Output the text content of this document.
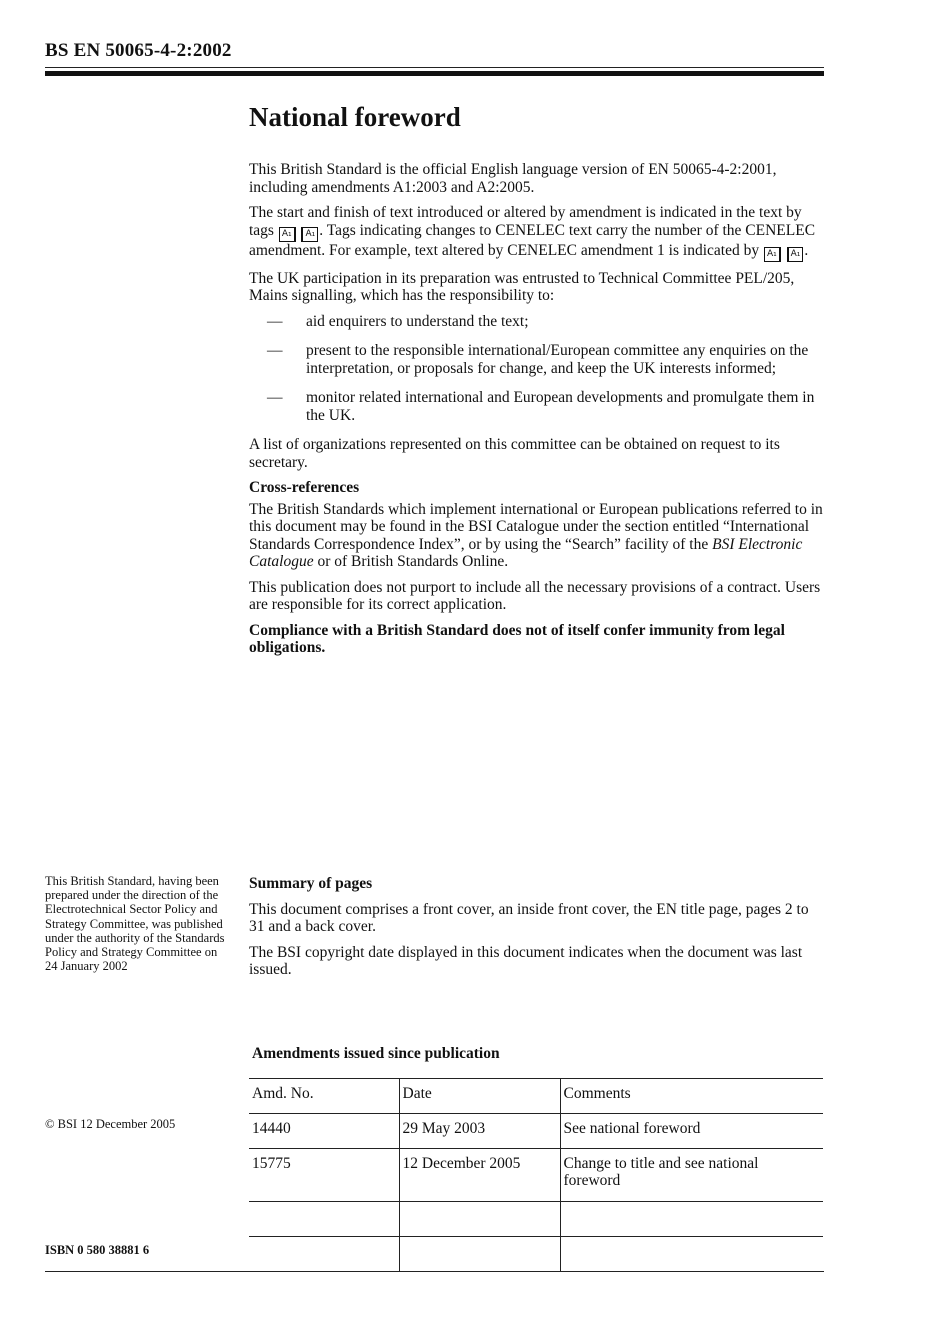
BS EN 50065-4-2:2002
National foreword

This British Standard is the official English language version of EN 50065-4-2:2001, including amendments A1:2003 and A2:2005.

The start and finish of text introduced or altered by amendment is indicated in the text by tags A₁ A₁ . Tags indicating changes to CENELEC text carry the number of the CENELEC amendment. For example, text altered by CENELEC amendment 1 is indicated by A₁ A₁ .

The UK participation in its preparation was entrusted to Technical Committee PEL/205, Mains signalling, which has the responsibility to:

— aid enquirers to understand the text;
— present to the responsible international/European committee any enquiries on the interpretation, or proposals for change, and keep the UK interests informed;
— monitor related international and European developments and promulgate them in the UK.

A list of organizations represented on this committee can be obtained on request to its secretary.

Cross-references

The British Standards which implement international or European publications referred to in this document may be found in the BSI Catalogue under the section entitled “International Standards Correspondence Index”, or by using the “Search” facility of the BSI Electronic Catalogue or of British Standards Online.

This publication does not purport to include all the necessary provisions of a contract. Users are responsible for its correct application.

Compliance with a British Standard does not of itself confer immunity from legal obligations.

This British Standard, having been prepared under the direction of the Electrotechnical Sector Policy and Strategy Committee, was published under the authority of the Standards Policy and Strategy Committee on 24 January 2002
Summary of pages

This document comprises a front cover, an inside front cover, the EN title page, pages 2 to 31 and a back cover.

The BSI copyright date displayed in this document indicates when the document was last issued.

Amendments issued since publication
Amd. No.	Date	Comments
14440	29 May 2003	See national foreword
15775	12 December 2005	Change to title and see national foreword

© BSI 12 December 2005
ISBN 0 580 38881 6
